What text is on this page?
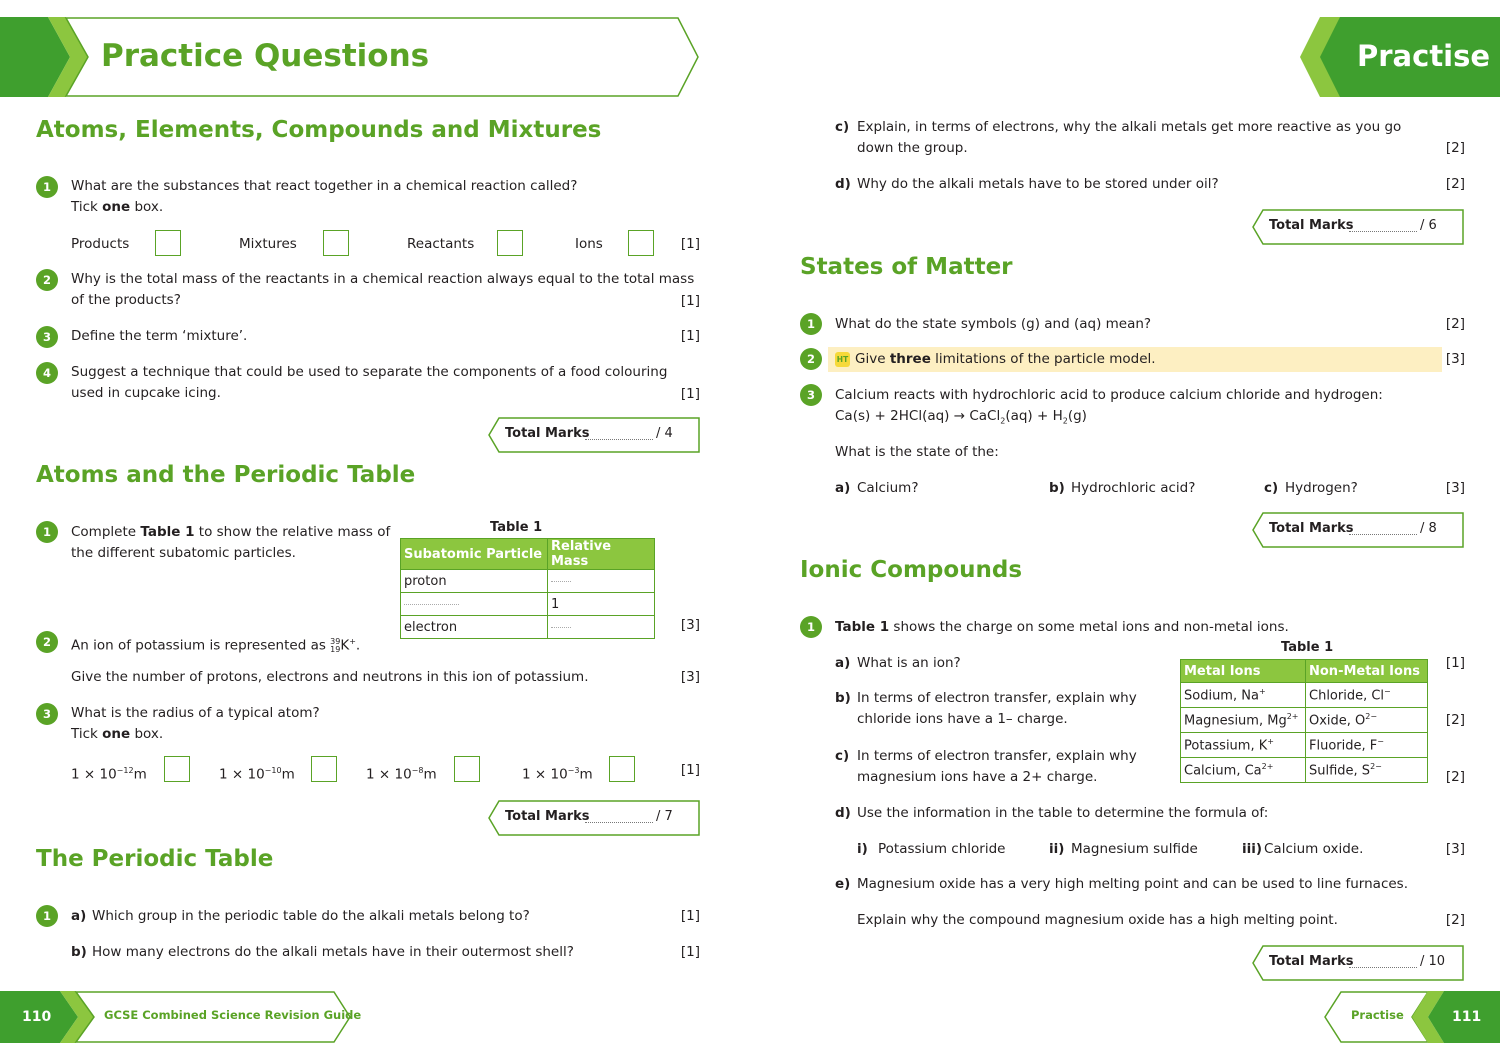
Practice Questions
Atoms, Elements, Compounds and Mixtures
1	What are the substances that react together in a chemical reaction called?
Tick one box.
Products	Mixtures	Reactants	Ions	[1]
2	Why is the total mass of the reactants in a chemical reaction always equal to the total mass
of the products?	[1]
3	Define the term ‘mixture’.	[1]
4	Suggest a technique that could be used to separate the components of a food colouring
used in cupcake icing.	[1]
Total Marks	/ 4
Atoms and the Periodic Table
1	Complete Table 1 to show the relative mass of
the different subatomic particles.
Table 1
Subatomic Particle	Relative Mass
proton	
	1
electron		[3]
2	An ion of potassium is represented as 39
19 K+.
Give the number of protons, electrons and neutrons in this ion of potassium.	[3]
3	What is the radius of a typical atom?
Tick one box.
$1 \times 10^{-12}m$	$1 \times 10^{-10}m$	$1 \times 10^{-8}m$	$1 \times 10^{-3}m$	[1]
Total Marks	/ 7
The Periodic Table
1	a) Which group in the periodic table do the alkali metals belong to?	[1]
b) How many electrons do the alkali metals have in their outermost shell?	[1]
110	GCSE Combined Science Revision Guide
Practise
c) Explain, in terms of electrons, why the alkali metals get more reactive as you go
down the group.	[2]
d) Why do the alkali metals have to be stored under oil?	[2]
Total Marks	/ 6
States of Matter
1	What do the state symbols (g) and (aq) mean?	[2]
2	HT Give three limitations of the particle model.	[3]
3	Calcium reacts with hydrochloric acid to produce calcium chloride and hydrogen:
Ca(s) + 2HCl(aq) → CaCl$_2$(aq) + $H_2(g)$
What is the state of the:
a) Calcium?	b) Hydrochloric acid?	c) Hydrogen?	[3]
Total Marks	/ 8
Ionic Compounds
1	Table 1 shows the charge on some metal ions and non-metal ions.
Table 1
Metal Ions	Non-Metal Ions
Sodium, Na+	Chloride, Cl−
Magnesium, $Mg^{2+}$	Oxide, $O^{2-}$
Potassium, K+	Fluoride, F−
Calcium, $Ca^{2+}$	Sulfide, $S^{2-}$
a) What is an ion?	[1]
b) In terms of electron transfer, explain why
chloride ions have a 1– charge.	[2]
c) In terms of electron transfer, explain why
magnesium ions have a 2+ charge.	[2]
d) Use the information in the table to determine the formula of:
i) Potassium chloride	ii) Magnesium sulfide	iii) Calcium oxide.	[3]
e) Magnesium oxide has a very high melting point and can be used to line furnaces.
Explain why the compound magnesium oxide has a high melting point.	[2]
Total Marks	/ 10
Practise	111
